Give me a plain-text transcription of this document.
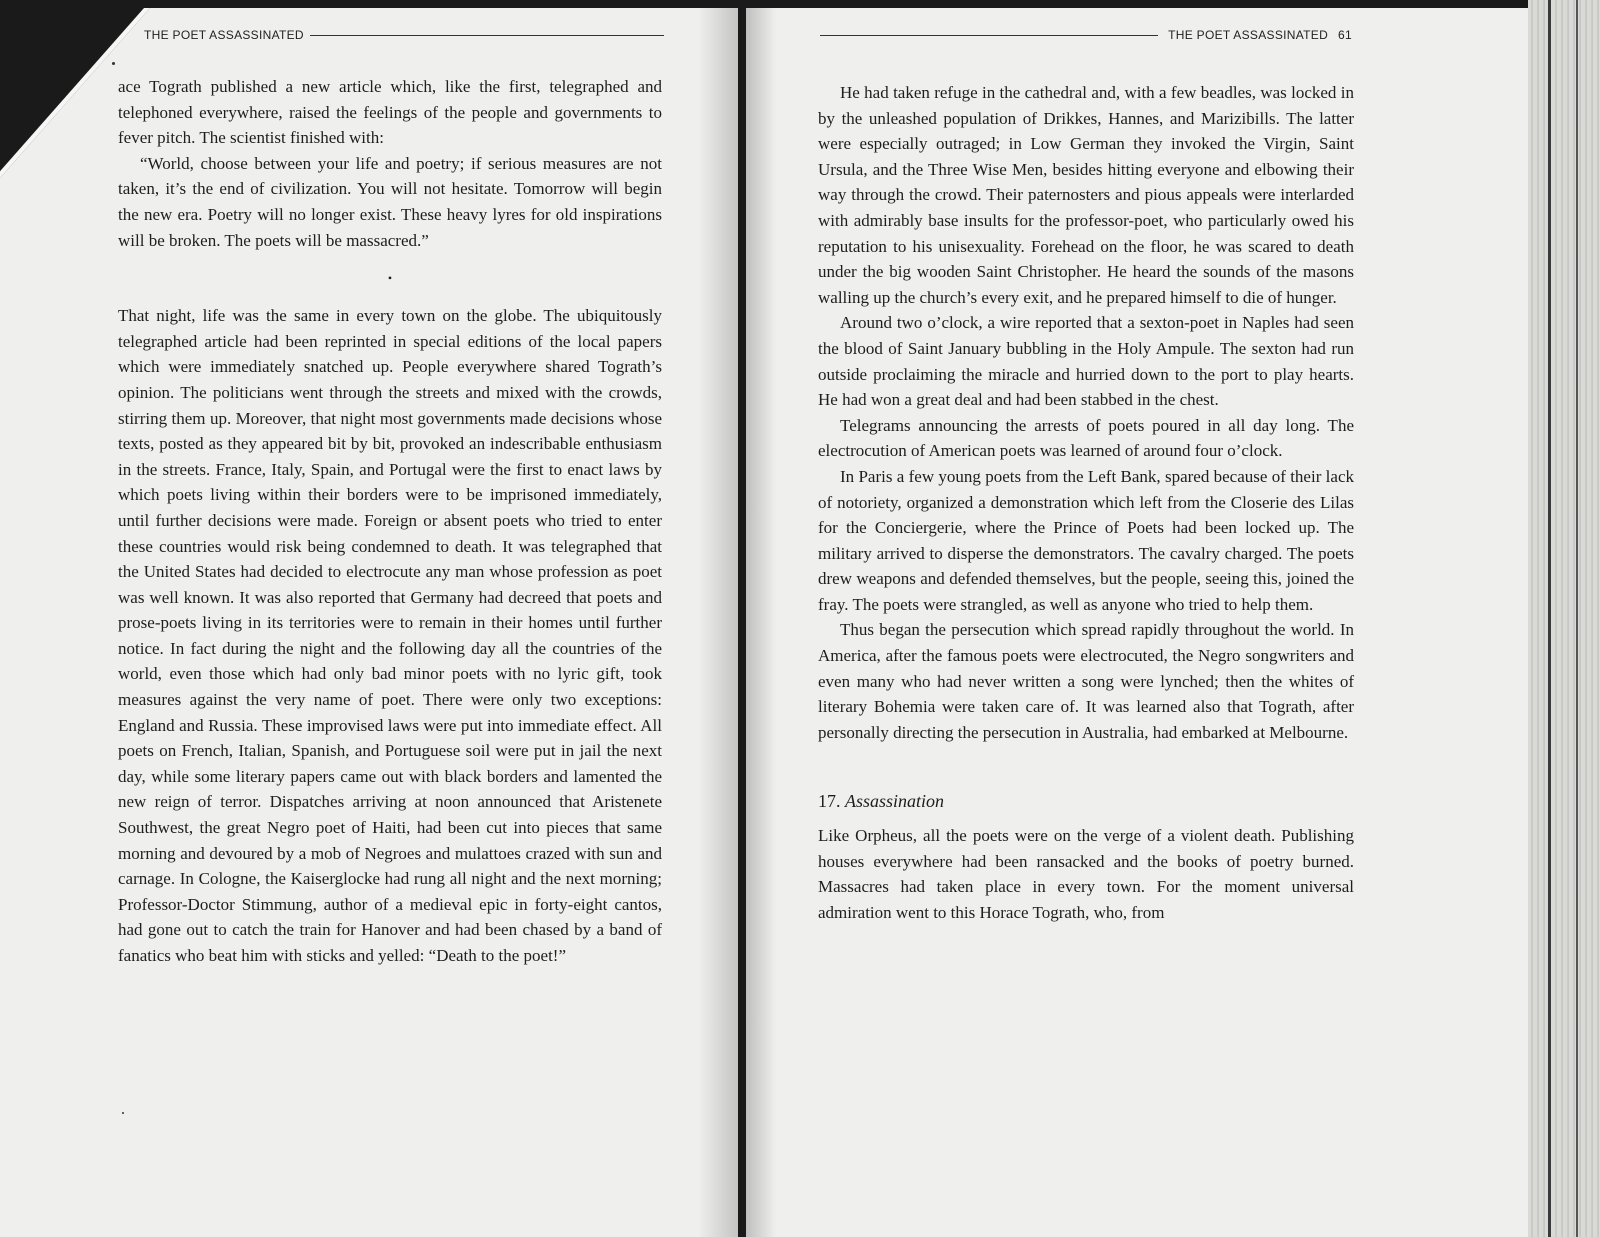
THE POET ASSASSINATED

ace Tograth published a new article which, like the first, telegraphed and telephoned everywhere, raised the feelings of the people and governments to fever pitch. The scientist finished with:

“World, choose between your life and poetry; if serious measures are not taken, it’s the end of civilization. You will not hesitate. Tomorrow will begin the new era. Poetry will no longer exist. These heavy lyres for old inspirations will be broken. The poets will be massacred.”

•

That night, life was the same in every town on the globe. The ubiquitously telegraphed article had been reprinted in special editions of the local papers which were immediately snatched up. People everywhere shared Tograth’s opinion. The politicians went through the streets and mixed with the crowds, stirring them up. Moreover, that night most governments made decisions whose texts, posted as they appeared bit by bit, provoked an indescribable enthusiasm in the streets. France, Italy, Spain, and Portugal were the first to enact laws by which poets living within their borders were to be imprisoned immediately, until further decisions were made. Foreign or absent poets who tried to enter these countries would risk being condemned to death. It was telegraphed that the United States had decided to electrocute any man whose profession as poet was well known. It was also reported that Germany had decreed that poets and prose-poets living in its territories were to remain in their homes until further notice. In fact during the night and the following day all the countries of the world, even those which had only bad minor poets with no lyric gift, took measures against the very name of poet. There were only two exceptions: England and Russia. These improvised laws were put into immediate effect. All poets on French, Italian, Spanish, and Portuguese soil were put in jail the next day, while some literary papers came out with black borders and lamented the new reign of terror. Dispatches arriving at noon announced that Aristenete Southwest, the great Negro poet of Haiti, had been cut into pieces that same morning and devoured by a mob of Negroes and mulattoes crazed with sun and carnage. In Cologne, the Kaiserglocke had rung all night and the next morning; Professor-Doctor Stimmung, author of a medieval epic in forty-eight cantos, had gone out to catch the train for Hanover and had been chased by a band of fanatics who beat him with sticks and yelled: “Death to the poet!”

THE POET ASSASSINATED 61

He had taken refuge in the cathedral and, with a few beadles, was locked in by the unleashed population of Drikkes, Hannes, and Marizibills. The latter were especially outraged; in Low German they invoked the Virgin, Saint Ursula, and the Three Wise Men, besides hitting everyone and elbowing their way through the crowd. Their paternosters and pious appeals were interlarded with admirably base insults for the professor-poet, who particularly owed his reputation to his unisexuality. Forehead on the floor, he was scared to death under the big wooden Saint Christopher. He heard the sounds of the masons walling up the church’s every exit, and he prepared himself to die of hunger.

Around two o’clock, a wire reported that a sexton-poet in Naples had seen the blood of Saint January bubbling in the Holy Ampule. The sexton had run outside proclaiming the miracle and hurried down to the port to play hearts. He had won a great deal and had been stabbed in the chest.

Telegrams announcing the arrests of poets poured in all day long. The electrocution of American poets was learned of around four o’clock.

In Paris a few young poets from the Left Bank, spared because of their lack of notoriety, organized a demonstration which left from the Closerie des Lilas for the Conciergerie, where the Prince of Poets had been locked up. The military arrived to disperse the demonstrators. The cavalry charged. The poets drew weapons and defended themselves, but the people, seeing this, joined the fray. The poets were strangled, as well as anyone who tried to help them.

Thus began the persecution which spread rapidly throughout the world. In America, after the famous poets were electrocuted, the Negro songwriters and even many who had never written a song were lynched; then the whites of literary Bohemia were taken care of. It was learned also that Tograth, after personally directing the persecution in Australia, had embarked at Melbourne.

17. Assassination

Like Orpheus, all the poets were on the verge of a violent death. Publishing houses everywhere had been ransacked and the books of poetry burned. Massacres had taken place in every town. For the moment universal admiration went to this Horace Tograth, who, from
